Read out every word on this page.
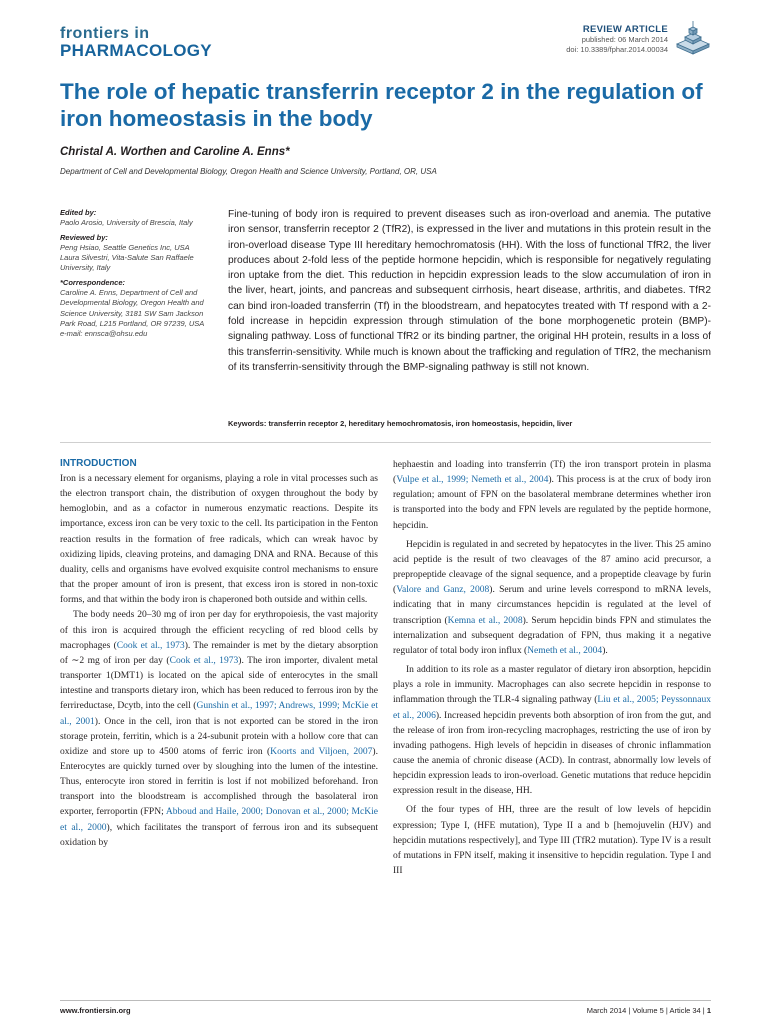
frontiers in
PHARMACOLOGY
REVIEW ARTICLE
published: 06 March 2014
doi: 10.3389/fphar.2014.00034
The role of hepatic transferrin receptor 2 in the regulation of iron homeostasis in the body
Christal A. Worthen and Caroline A. Enns*
Department of Cell and Developmental Biology, Oregon Health and Science University, Portland, OR, USA
Edited by:
Paolo Arosio, University of Brescia, Italy
Reviewed by:
Peng Hsiao, Seattle Genetics Inc, USA
Laura Silvestri, Vita-Salute San Raffaele University, Italy
*Correspondence:
Caroline A. Enns, Department of Cell and Developmental Biology, Oregon Health and Science University, 3181 SW Sam Jackson Park Road, L215 Portland, OR 97239, USA
e-mail: ennsca@ohsu.edu

Fine-tuning of body iron is required to prevent diseases such as iron-overload and anemia. The putative iron sensor, transferrin receptor 2 (TfR2), is expressed in the liver and mutations in this protein result in the iron-overload disease Type III hereditary hemochromatosis (HH). With the loss of functional TfR2, the liver produces about 2-fold less of the peptide hormone hepcidin, which is responsible for negatively regulating iron uptake from the diet. This reduction in hepcidin expression leads to the slow accumulation of iron in the liver, heart, joints, and pancreas and subsequent cirrhosis, heart disease, arthritis, and diabetes. TfR2 can bind iron-loaded transferrin (Tf) in the bloodstream, and hepatocytes treated with Tf respond with a 2-fold increase in hepcidin expression through stimulation of the bone morphogenetic protein (BMP)-signaling pathway. Loss of functional TfR2 or its binding partner, the original HH protein, results in a loss of this transferrin-sensitivity. While much is known about the trafficking and regulation of TfR2, the mechanism of its transferrin-sensitivity through the BMP-signaling pathway is still not known.

Keywords: transferrin receptor 2, hereditary hemochromatosis, iron homeostasis, hepcidin, liver
INTRODUCTION

Iron is a necessary element for organisms, playing a role in vital processes such as the electron transport chain, the distribution of oxygen throughout the body by hemoglobin, and as a cofactor in numerous enzymatic reactions. Despite its importance, excess iron can be very toxic to the cell. Its participation in the Fenton reaction results in the formation of free radicals, which can wreak havoc by oxidizing lipids, cleaving proteins, and damaging DNA and RNA. Because of this duality, cells and organisms have evolved exquisite control mechanisms to ensure that the proper amount of iron is present, that excess iron is stored in non-toxic forms, and that within the body iron is chaperoned both outside and within cells.

The body needs 20–30 mg of iron per day for erythropoiesis, the vast majority of this iron is acquired through the efficient recycling of red blood cells by macrophages (Cook et al., 1973). The remainder is met by the dietary absorption of ∼2 mg of iron per day (Cook et al., 1973). The iron importer, divalent metal transporter 1(DMT1) is located on the apical side of enterocytes in the small intestine and transports dietary iron, which has been reduced to ferrous iron by the ferrireductase, Dcytb, into the cell (Gunshin et al., 1997; Andrews, 1999; McKie et al., 2001). Once in the cell, iron that is not exported can be stored in the iron storage protein, ferritin, which is a 24-subunit protein with a hollow core that can oxidize and store up to 4500 atoms of ferric iron (Koorts and Viljoen, 2007). Enterocytes are quickly turned over by sloughing into the lumen of the intestine. Thus, enterocyte iron stored in ferritin is lost if not mobilized beforehand. Iron transport into the bloodstream is accomplished through the basolateral iron exporter, ferroportin (FPN; Abboud and Haile, 2000; Donovan et al., 2000; McKie et al., 2000), which facilitates the transport of ferrous iron and its subsequent oxidation by

hephaestin and loading into transferrin (Tf) the iron transport protein in plasma (Vulpe et al., 1999; Nemeth et al., 2004). This process is at the crux of body iron regulation; amount of FPN on the basolateral membrane determines whether iron is transported into the body and FPN levels are regulated by the peptide hormone, hepcidin.

Hepcidin is regulated in and secreted by hepatocytes in the liver. This 25 amino acid peptide is the result of two cleavages of the 87 amino acid precursor, a prepropeptide cleavage of the signal sequence, and a propeptide cleavage by furin (Valore and Ganz, 2008). Serum and urine levels correspond to mRNA levels, indicating that in many circumstances hepcidin is regulated at the level of transcription (Kemna et al., 2008). Serum hepcidin binds FPN and stimulates the internalization and subsequent degradation of FPN, thus making it a negative regulator of total body iron influx (Nemeth et al., 2004).

In addition to its role as a master regulator of dietary iron absorption, hepcidin plays a role in immunity. Macrophages can also secrete hepcidin in response to inflammation through the TLR-4 signaling pathway (Liu et al., 2005; Peyssonnaux et al., 2006). Increased hepcidin prevents both absorption of iron from the gut, and the release of iron from iron-recycling macrophages, restricting the use of iron by invading pathogens. High levels of hepcidin in diseases of chronic inflammation cause the anemia of chronic disease (ACD). In contrast, abnormally low levels of hepcidin expression leads to iron-overload. Genetic mutations that reduce hepcidin expression result in the disease, HH.

Of the four types of HH, three are the result of low levels of hepcidin expression; Type I, (HFE mutation), Type II a and b [hemojuvelin (HJV) and hepcidin mutations respectively], and Type III (TfR2 mutation). Type IV is a result of mutations in FPN itself, making it insensitive to hepcidin regulation. Type I and III

www.frontiersin.org	March 2014 | Volume 5 | Article 34 | 1
